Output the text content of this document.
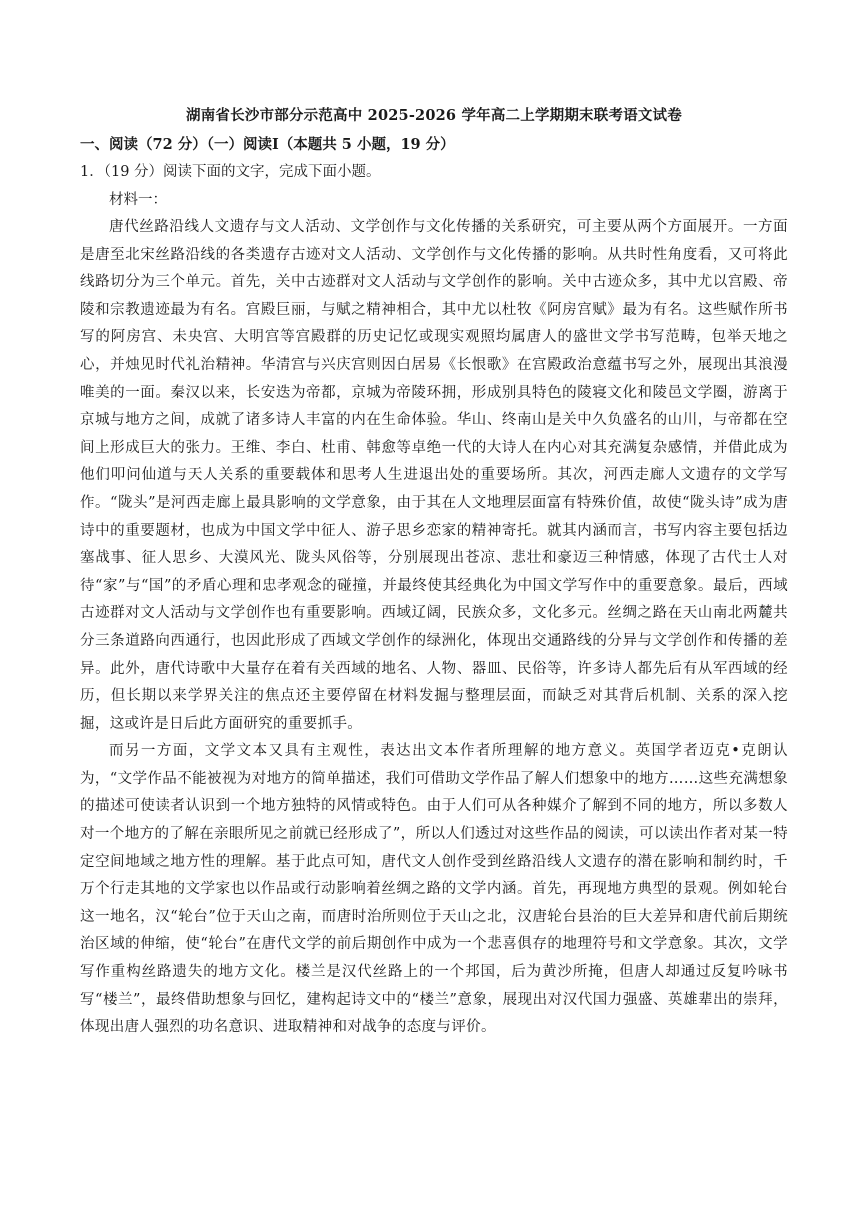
湖南省长沙市部分示范高中 2025-2026 学年高二上学期期末联考语文试卷

一、阅读（72 分）（一）阅读Ⅰ（本题共 5 小题，19 分）

1．（19 分）阅读下面的文字，完成下面小题。

材料一：

唐代丝路沿线人文遗存与文人活动、文学创作与文化传播的关系研究，可主要从两个方面展开。一方面是唐至北宋丝路沿线的各类遗存古迹对文人活动、文学创作与文化传播的影响。从共时性角度看，又可将此线路切分为三个单元。首先，关中古迹群对文人活动与文学创作的影响。关中古迹众多，其中尤以宫殿、帝陵和宗教遗迹最为有名。宫殿巨丽，与赋之精神相合，其中尤以杜牧《阿房宫赋》最为有名。这些赋作所书写的阿房宫、未央宫、大明宫等宫殿群的历史记忆或现实观照均属唐人的盛世文学书写范畴，包举天地之心，并烛见时代礼治精神。华清宫与兴庆宫则因白居易《长恨歌》在宫殿政治意蕴书写之外，展现出其浪漫唯美的一面。秦汉以来，长安迭为帝都，京城为帝陵环拥，形成别具特色的陵寝文化和陵邑文学圈，游离于京城与地方之间，成就了诸多诗人丰富的内在生命体验。华山、终南山是关中久负盛名的山川，与帝都在空间上形成巨大的张力。王维、李白、杜甫、韩愈等卓绝一代的大诗人在内心对其充满复杂感情，并借此成为他们叩问仙道与天人关系的重要载体和思考人生进退出处的重要场所。其次，河西走廊人文遗存的文学写作。“陇头”是河西走廊上最具影响的文学意象，由于其在人文地理层面富有特殊价值，故使“陇头诗”成为唐诗中的重要题材，也成为中国文学中征人、游子思乡恋家的精神寄托。就其内涵而言，书写内容主要包括边塞战事、征人思乡、大漠风光、陇头风俗等，分别展现出苍凉、悲壮和豪迈三种情感，体现了古代士人对待“家”与“国”的矛盾心理和忠孝观念的碰撞，并最终使其经典化为中国文学写作中的重要意象。最后，西域古迹群对文人活动与文学创作也有重要影响。西域辽阔，民族众多，文化多元。丝绸之路在天山南北两麓共分三条道路向西通行，也因此形成了西域文学创作的绿洲化，体现出交通路线的分异与文学创作和传播的差异。此外，唐代诗歌中大量存在着有关西域的地名、人物、器皿、民俗等，许多诗人都先后有从军西域的经历，但长期以来学界关注的焦点还主要停留在材料发掘与整理层面，而缺乏对其背后机制、关系的深入挖掘，这或许是日后此方面研究的重要抓手。

而另一方面，文学文本又具有主观性，表达出文本作者所理解的地方意义。英国学者迈克•克朗认为，“文学作品不能被视为对地方的简单描述，我们可借助文学作品了解人们想象中的地方……这些充满想象的描述可使读者认识到一个地方独特的风情或特色。由于人们可从各种媒介了解到不同的地方，所以多数人对一个地方的了解在亲眼所见之前就已经形成了”，所以人们透过对这些作品的阅读，可以读出作者对某一特定空间地域之地方性的理解。基于此点可知，唐代文人创作受到丝路沿线人文遗存的潜在影响和制约时，千万个行走其地的文学家也以作品或行动影响着丝绸之路的文学内涵。首先，再现地方典型的景观。例如轮台这一地名，汉“轮台”位于天山之南，而唐时治所则位于天山之北，汉唐轮台县治的巨大差异和唐代前后期统治区域的伸缩，使“轮台”在唐代文学的前后期创作中成为一个悲喜俱存的地理符号和文学意象。其次，文学写作重构丝路遗失的地方文化。楼兰是汉代丝路上的一个邦国，后为黄沙所掩，但唐人却通过反复吟咏书写“楼兰”，最终借助想象与回忆，建构起诗文中的“楼兰”意象，展现出对汉代国力强盛、英雄辈出的崇拜，体现出唐人强烈的功名意识、进取精神和对战争的态度与评价。
